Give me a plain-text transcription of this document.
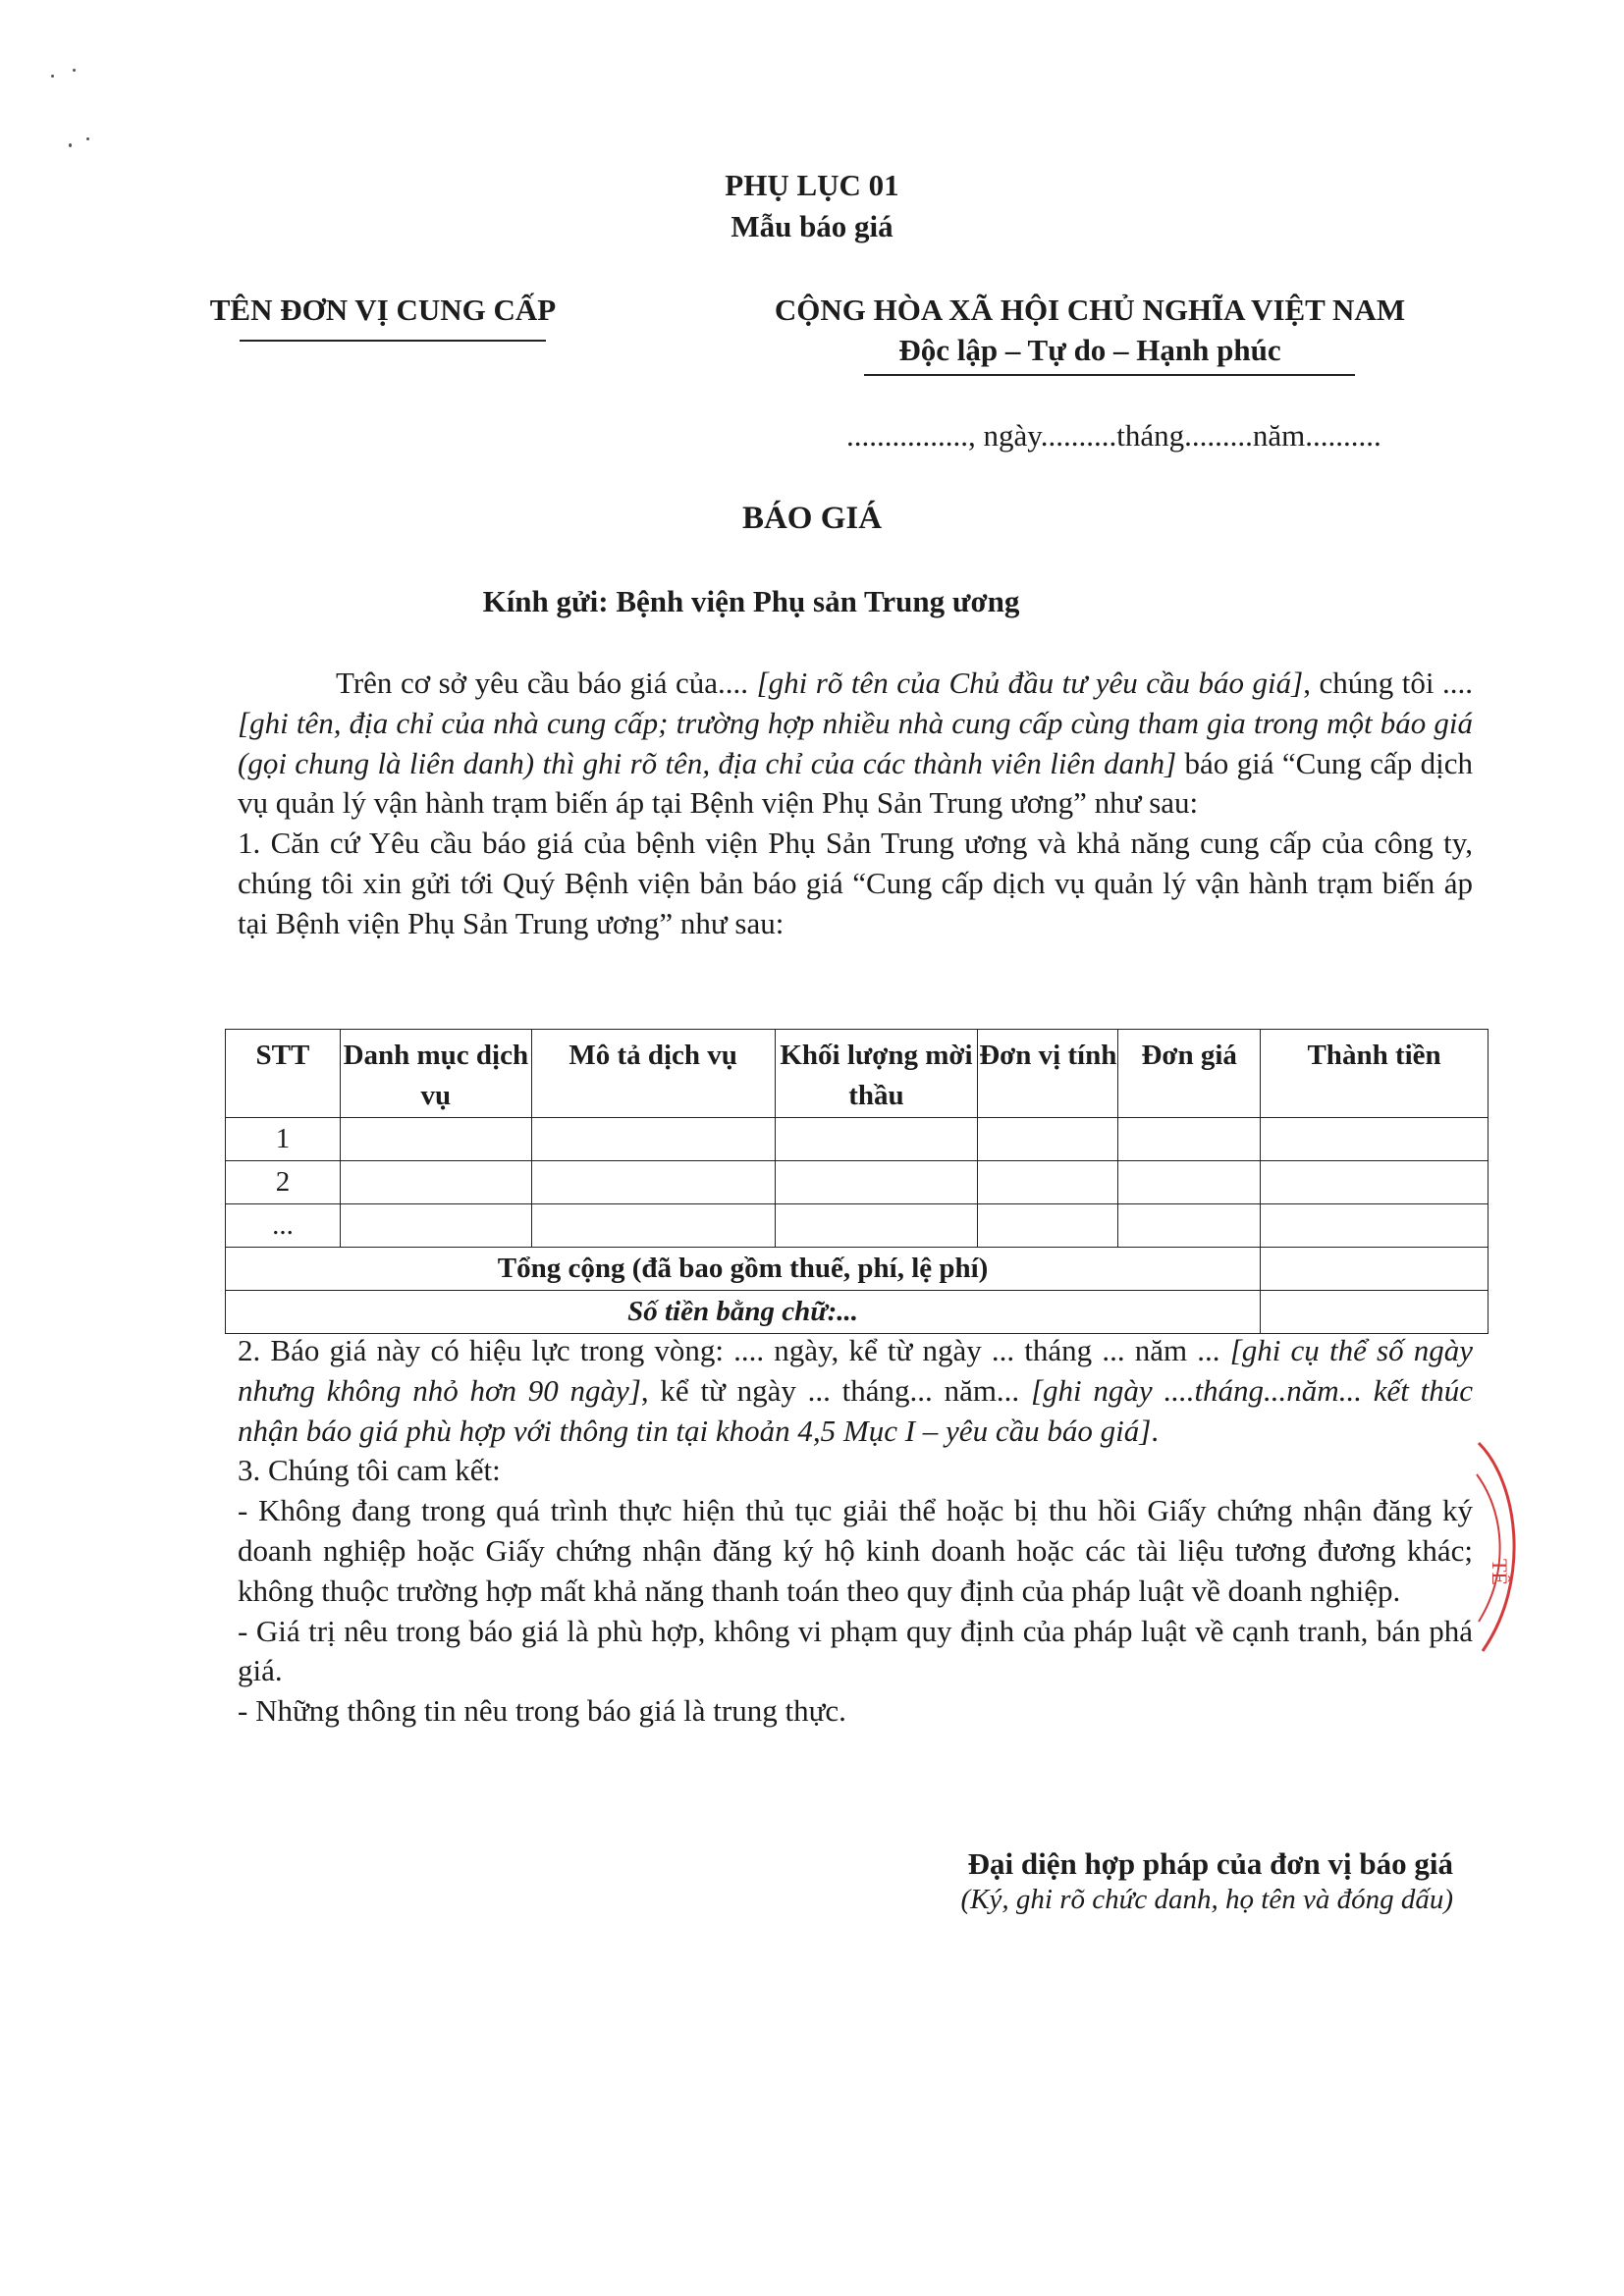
PHỤ LỤC 01
Mẫu báo giá
TÊN ĐƠN VỊ CUNG CẤP	CỘNG HÒA XÃ HỘI CHỦ NGHĨA VIỆT NAM
Độc lập – Tự do – Hạnh phúc
................, ngày..........tháng.........năm..........
BÁO GIÁ
Kính gửi: Bệnh viện Phụ sản Trung ương

Trên cơ sở yêu cầu báo giá của.... [ghi rõ tên của Chủ đầu tư yêu cầu báo giá], chúng tôi .... [ghi tên, địa chỉ của nhà cung cấp; trường hợp nhiều nhà cung cấp cùng tham gia trong một báo giá (gọi chung là liên danh) thì ghi rõ tên, địa chỉ của các thành viên liên danh] báo giá “Cung cấp dịch vụ quản lý vận hành trạm biến áp tại Bệnh viện Phụ Sản Trung ương” như sau:

1. Căn cứ Yêu cầu báo giá của bệnh viện Phụ Sản Trung ương và khả năng cung cấp của công ty, chúng tôi xin gửi tới Quý Bệnh viện bản báo giá “Cung cấp dịch vụ quản lý vận hành trạm biến áp tại Bệnh viện Phụ Sản Trung ương” như sau:

STT	Danh mục dịch vụ	Mô tả dịch vụ	Khối lượng mời thầu	Đơn vị tính	Đơn giá	Thành tiền
1						
2						
...						
Tổng cộng (đã bao gồm thuế, phí, lệ phí)						
Số tiền bằng chữ:...						

2. Báo giá này có hiệu lực trong vòng: .... ngày, kể từ ngày ... tháng ... năm ... [ghi cụ thể số ngày nhưng không nhỏ hơn 90 ngày], kể từ ngày ... tháng... năm... [ghi ngày ....tháng...năm... kết thúc nhận báo giá phù hợp với thông tin tại khoản 4,5 Mục I – yêu cầu báo giá].

3. Chúng tôi cam kết:

- Không đang trong quá trình thực hiện thủ tục giải thể hoặc bị thu hồi Giấy chứng nhận đăng ký doanh nghiệp hoặc Giấy chứng nhận đăng ký hộ kinh doanh hoặc các tài liệu tương đương khác; không thuộc trường hợp mất khả năng thanh toán theo quy định của pháp luật về doanh nghiệp.

- Giá trị nêu trong báo giá là phù hợp, không vi phạm quy định của pháp luật về cạnh tranh, bán phá giá.

- Những thông tin nêu trong báo giá là trung thực.

Đại diện hợp pháp của đơn vị báo giá
(Ký, ghi rõ chức danh, họ tên và đóng dấu)
TẾ
